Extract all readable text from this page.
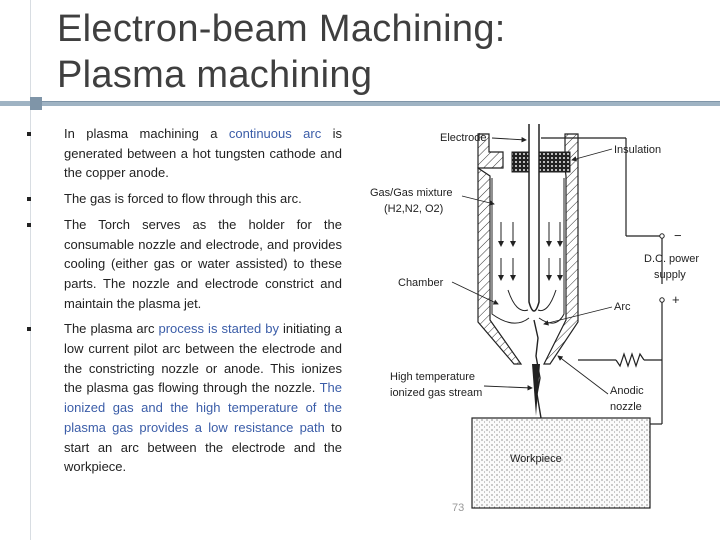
Electron-beam Machining:
Plasma machining
In plasma machining a continuous arc is generated between a hot tungsten cathode and the copper anode.
The gas is forced to flow through this arc.
The Torch serves as the holder for the consumable nozzle and electrode, and provides cooling (either gas or water assisted) to these parts. The nozzle and electrode constrict and maintain the plasma jet.
The plasma arc process is started by initiating a low current pilot arc between the electrode and the constricting nozzle or anode. This ionizes the plasma gas flowing through the nozzle. The ionized gas and the high temperature of the plasma gas provides a low resistance path to start an arc between the electrode and the workpiece.
−
+
Electrode
Insulation
Gas/Gas mixture
(H2,N2, O2)
D.C. power
supply
Chamber
Arc
High temperature
ionized gas stream	Anodic
nozzle
Workpiece
73
